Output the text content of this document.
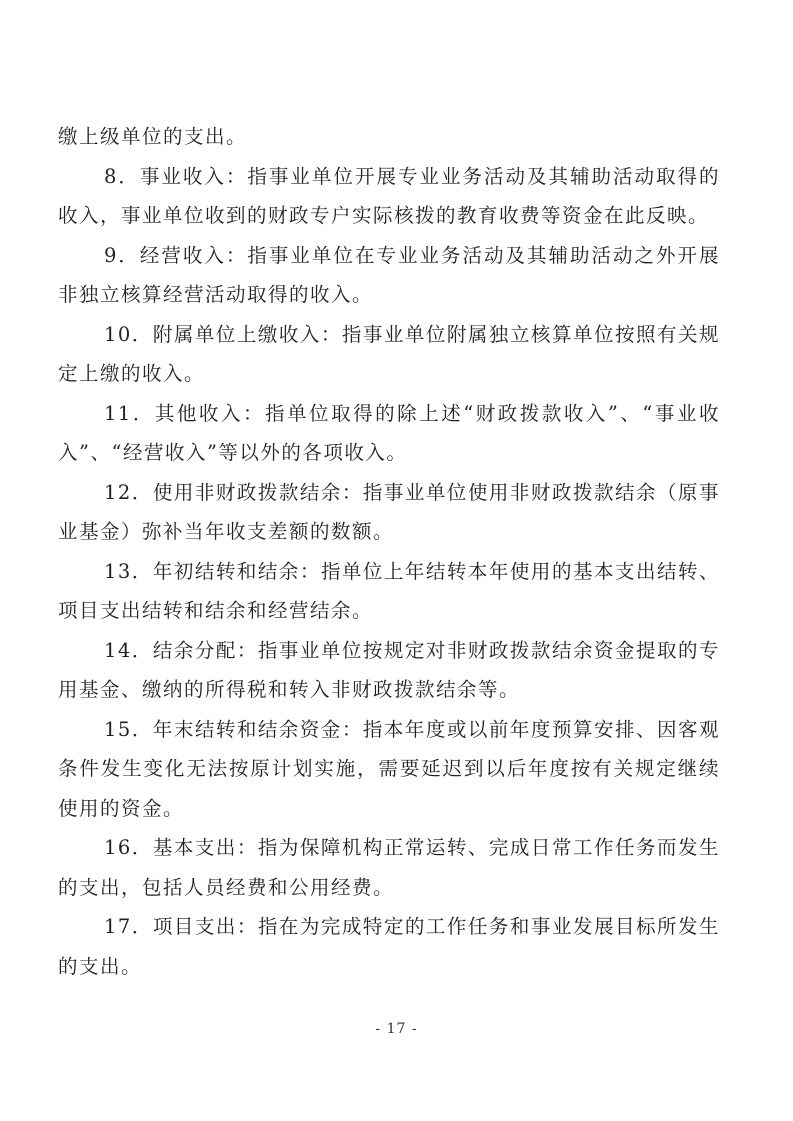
缴上级单位的支出。

8．事业收入：指事业单位开展专业业务活动及其辅助活动取得的收入，事业单位收到的财政专户实际核拨的教育收费等资金在此反映。

9．经营收入：指事业单位在专业业务活动及其辅助活动之外开展非独立核算经营活动取得的收入。

10．附属单位上缴收入：指事业单位附属独立核算单位按照有关规定上缴的收入。

11．其他收入：指单位取得的除上述“财政拨款收入”、“事业收入”、“经营收入”等以外的各项收入。

12．使用非财政拨款结余：指事业单位使用非财政拨款结余（原事业基金）弥补当年收支差额的数额。

13．年初结转和结余：指单位上年结转本年使用的基本支出结转、项目支出结转和结余和经营结余。

14．结余分配：指事业单位按规定对非财政拨款结余资金提取的专用基金、缴纳的所得税和转入非财政拨款结余等。

15．年末结转和结余资金：指本年度或以前年度预算安排、因客观条件发生变化无法按原计划实施，需要延迟到以后年度按有关规定继续使用的资金。

16．基本支出：指为保障机构正常运转、完成日常工作任务而发生的支出，包括人员经费和公用经费。

17．项目支出：指在为完成特定的工作任务和事业发展目标所发生的支出。

- 17 -
